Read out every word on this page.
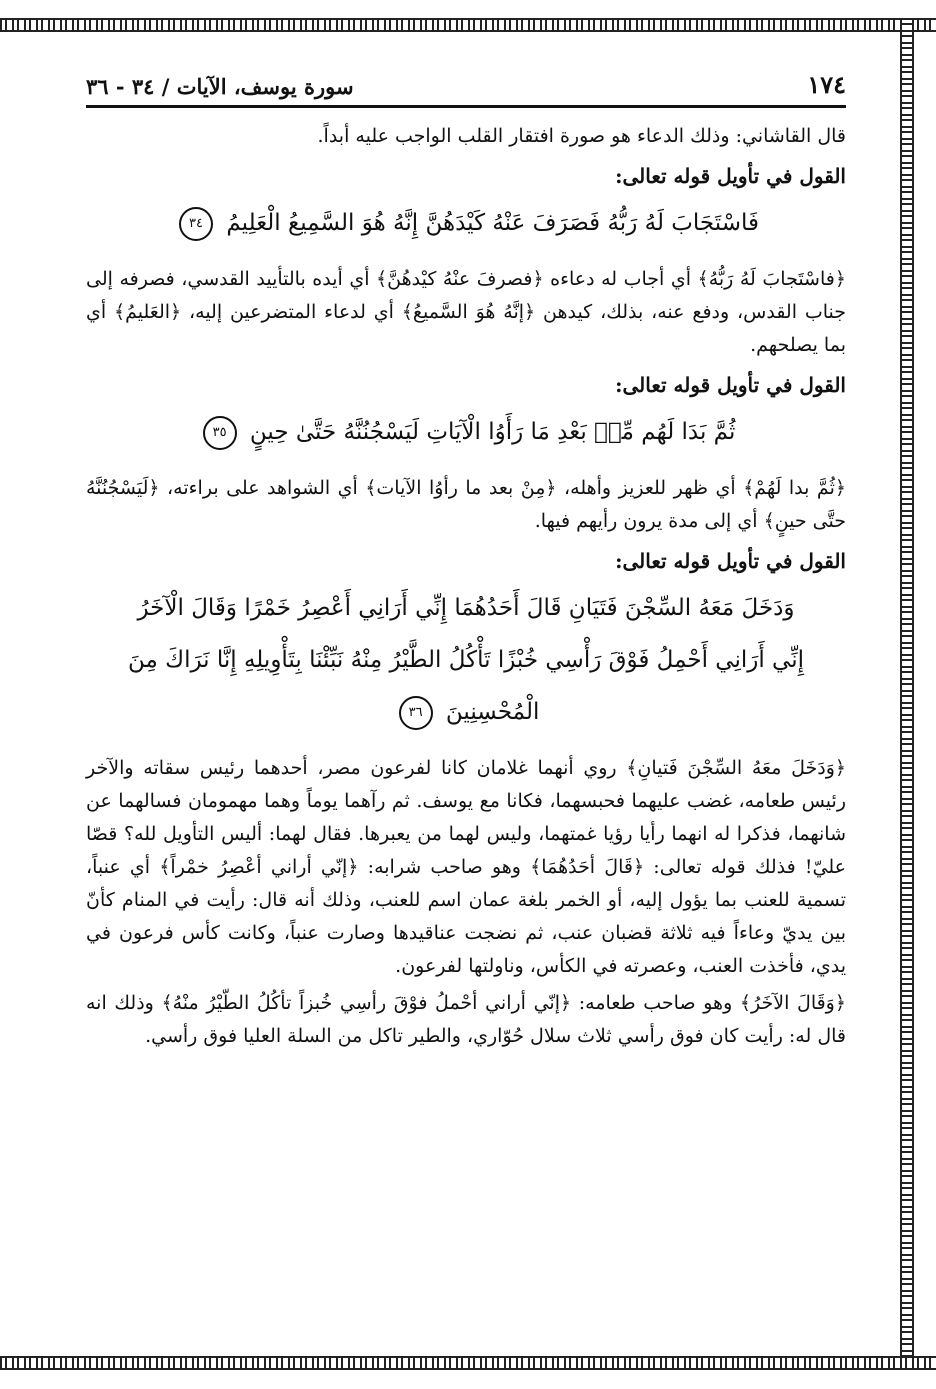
١٧٤
سورة يوسف، الآيات / ٣٤ - ٣٦

قال القاشاني: وذلك الدعاء هو صورة افتقار القلب الواجب عليه أبداً.

القول في تأويل قوله تعالى:
فَاسْتَجَابَ لَهُ رَبُّهُ فَصَرَفَ عَنْهُ كَيْدَهُنَّ إِنَّهُ هُوَ السَّمِيعُ الْعَلِيمُ ٣٤

﴿فاسْتَجابَ لَهُ رَبُّهُ﴾ أي أجاب له دعاءه ﴿فصرفَ عنْهُ كيْدهُنَّ﴾ أي أيده بالتأييد القدسي، فصرفه إلى جناب القدس، ودفع عنه، بذلك، كيدهن ﴿إنَّهُ هُوَ السَّميعُ﴾ أي لدعاء المتضرعين إليه، ﴿العَليمُ﴾ أي بما يصلحهم.

القول في تأويل قوله تعالى:
ثُمَّ بَدَا لَهُم مِّنۢ بَعْدِ مَا رَأَوُا الْآيَاتِ لَيَسْجُنُنَّهُ حَتَّىٰ حِينٍ ٣٥

﴿ثُمَّ بدا لَهُمْ﴾ أي ظهر للعزيز وأهله، ﴿مِنْ بعد ما رأوُا الآيات﴾ أي الشواهد على براءته، ﴿لَيَسْجُنُنَّهُ حتَّى حينٍ﴾ أي إلى مدة يرون رأيهم فيها.

القول في تأويل قوله تعالى:
وَدَخَلَ مَعَهُ السِّجْنَ فَتَيَانِ قَالَ أَحَدُهُمَا إِنِّي أَرَانِي أَعْصِرُ خَمْرًا وَقَالَ الْآخَرُ
إِنِّي أَرَانِي أَحْمِلُ فَوْقَ رَأْسِي خُبْزًا تَأْكُلُ الطَّيْرُ مِنْهُ نَبِّئْنَا بِتَأْوِيلِهِ إِنَّا نَرَاكَ مِنَ
الْمُحْسِنِينَ ٣٦

﴿وَدَخَلَ معَهُ السِّجْنَ فَتيانِ﴾ روي أنهما غلامان كانا لفرعون مصر، أحدهما رئيس سقاته والآخر رئيس طعامه، غضب عليهما فحبسهما، فكانا مع يوسف. ثم رآهما يوماً وهما مهمومان فسالهما عن شانهما، فذكرا له انهما رأيا رؤيا غمتهما، وليس لهما من يعبرها. فقال لهما: أليس التأويل لله؟ قصّا عليّ! فذلك قوله تعالى: ﴿قَالَ أحَدُهُمَا﴾ وهو صاحب شرابه: ﴿إنّي أراني أعْصِرُ خمْراً﴾ أي عنباً، تسمية للعنب بما يؤول إليه، أو الخمر بلغة عمان اسم للعنب، وذلك أنه قال: رأيت في المنام كأنّ بين يديّ وعاءاً فيه ثلاثة قضبان عنب، ثم نضجت عناقيدها وصارت عنباً، وكانت كأس فرعون في يدي، فأخذت العنب، وعصرته في الكأس، وناولتها لفرعون.

﴿وَقَالَ الآخَرُ﴾ وهو صاحب طعامه: ﴿إنّي أراني أحْملُ فوْقَ رأسِي خُبزاً تأكُلُ الطّيْرُ منْهُ﴾ وذلك انه قال له: رأيت كان فوق رأسي ثلاث سلال حُوّاري، والطير تاكل من السلة العليا فوق رأسي.
